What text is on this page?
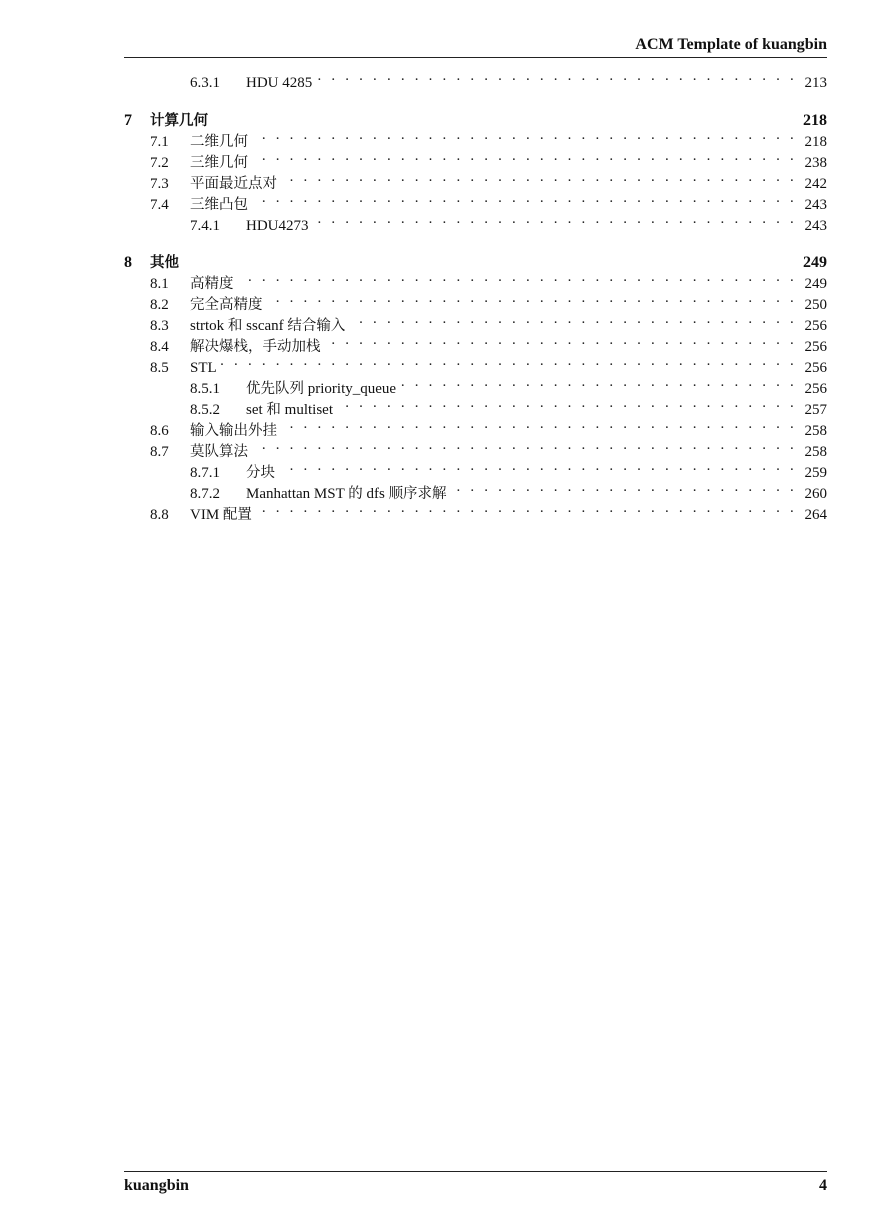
ACM Template of kuangbin
6.3.1	HDU 4285 . . .	213
7	计算几何	218
7.1	二维几何 . . .	218
7.2	三维几何 . . .	238
7.3	平面最近点对 . . .	242
7.4	三维凸包 . . .	243
7.4.1	HDU4273 . . .	243
8	其他	249
8.1	高精度 . . .	249
8.2	完全高精度 . . .	250
8.3	strtok 和 sscanf 结合输入 . . .	256
8.4	解决爆栈，手动加栈 . . .	256
8.5	STL . . .	256
8.5.1	优先队列 priority_queue . . .	256
8.5.2	set 和 multiset . . .	257
8.6	输入输出外挂 . . .	258
8.7	莫队算法 . . .	258
8.7.1	分块 . . .	259
8.7.2	Manhattan MST 的 dfs 顺序求解 . . .	260
8.8	VIM 配置 . . .	264
kuangbin	4
